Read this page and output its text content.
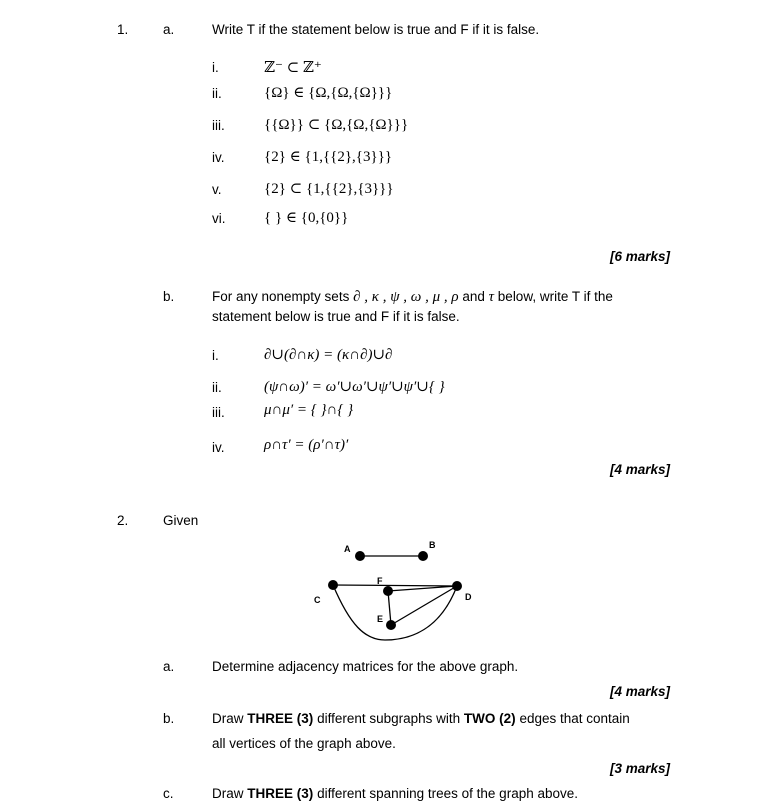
1.	a.	Write T if the statement below is true and F if it is false.
i.	ℤ⁻ ⊂ ℤ⁺
ii.	{Ω} ∈ {Ω,{Ω,{Ω}}}
iii.	{{Ω}} ⊂ {Ω,{Ω,{Ω}}}
iv.	{2} ∈ {1,{{2},{3}}}
v.	{2} ⊂ {1,{{2},{3}}}
vi.	{ } ∈ {0,{0}}
[6 marks]
b.	For any nonempty sets ∂ , κ , ψ , ω , μ , ρ and τ below, write T if the
statement below is true and F if it is false.
i.	∂∪(∂∩κ) = (κ∩∂)∪∂
ii.	(ψ∩ω)′ = ω′∪ω′∪ψ′∪ψ′∪{ }
iii.	μ∩μ′ = { }∩{ }
iv.	ρ∩τ′ = (ρ′∩τ)′
[4 marks]
2.	Given
A	B
C	D
E
F
a.	Determine adjacency matrices for the above graph.
[4 marks]
b.	Draw THREE (3) different subgraphs with TWO (2) edges that contain
all vertices of the graph above.
[3 marks]
c.	Draw THREE (3) different spanning trees of the graph above.
